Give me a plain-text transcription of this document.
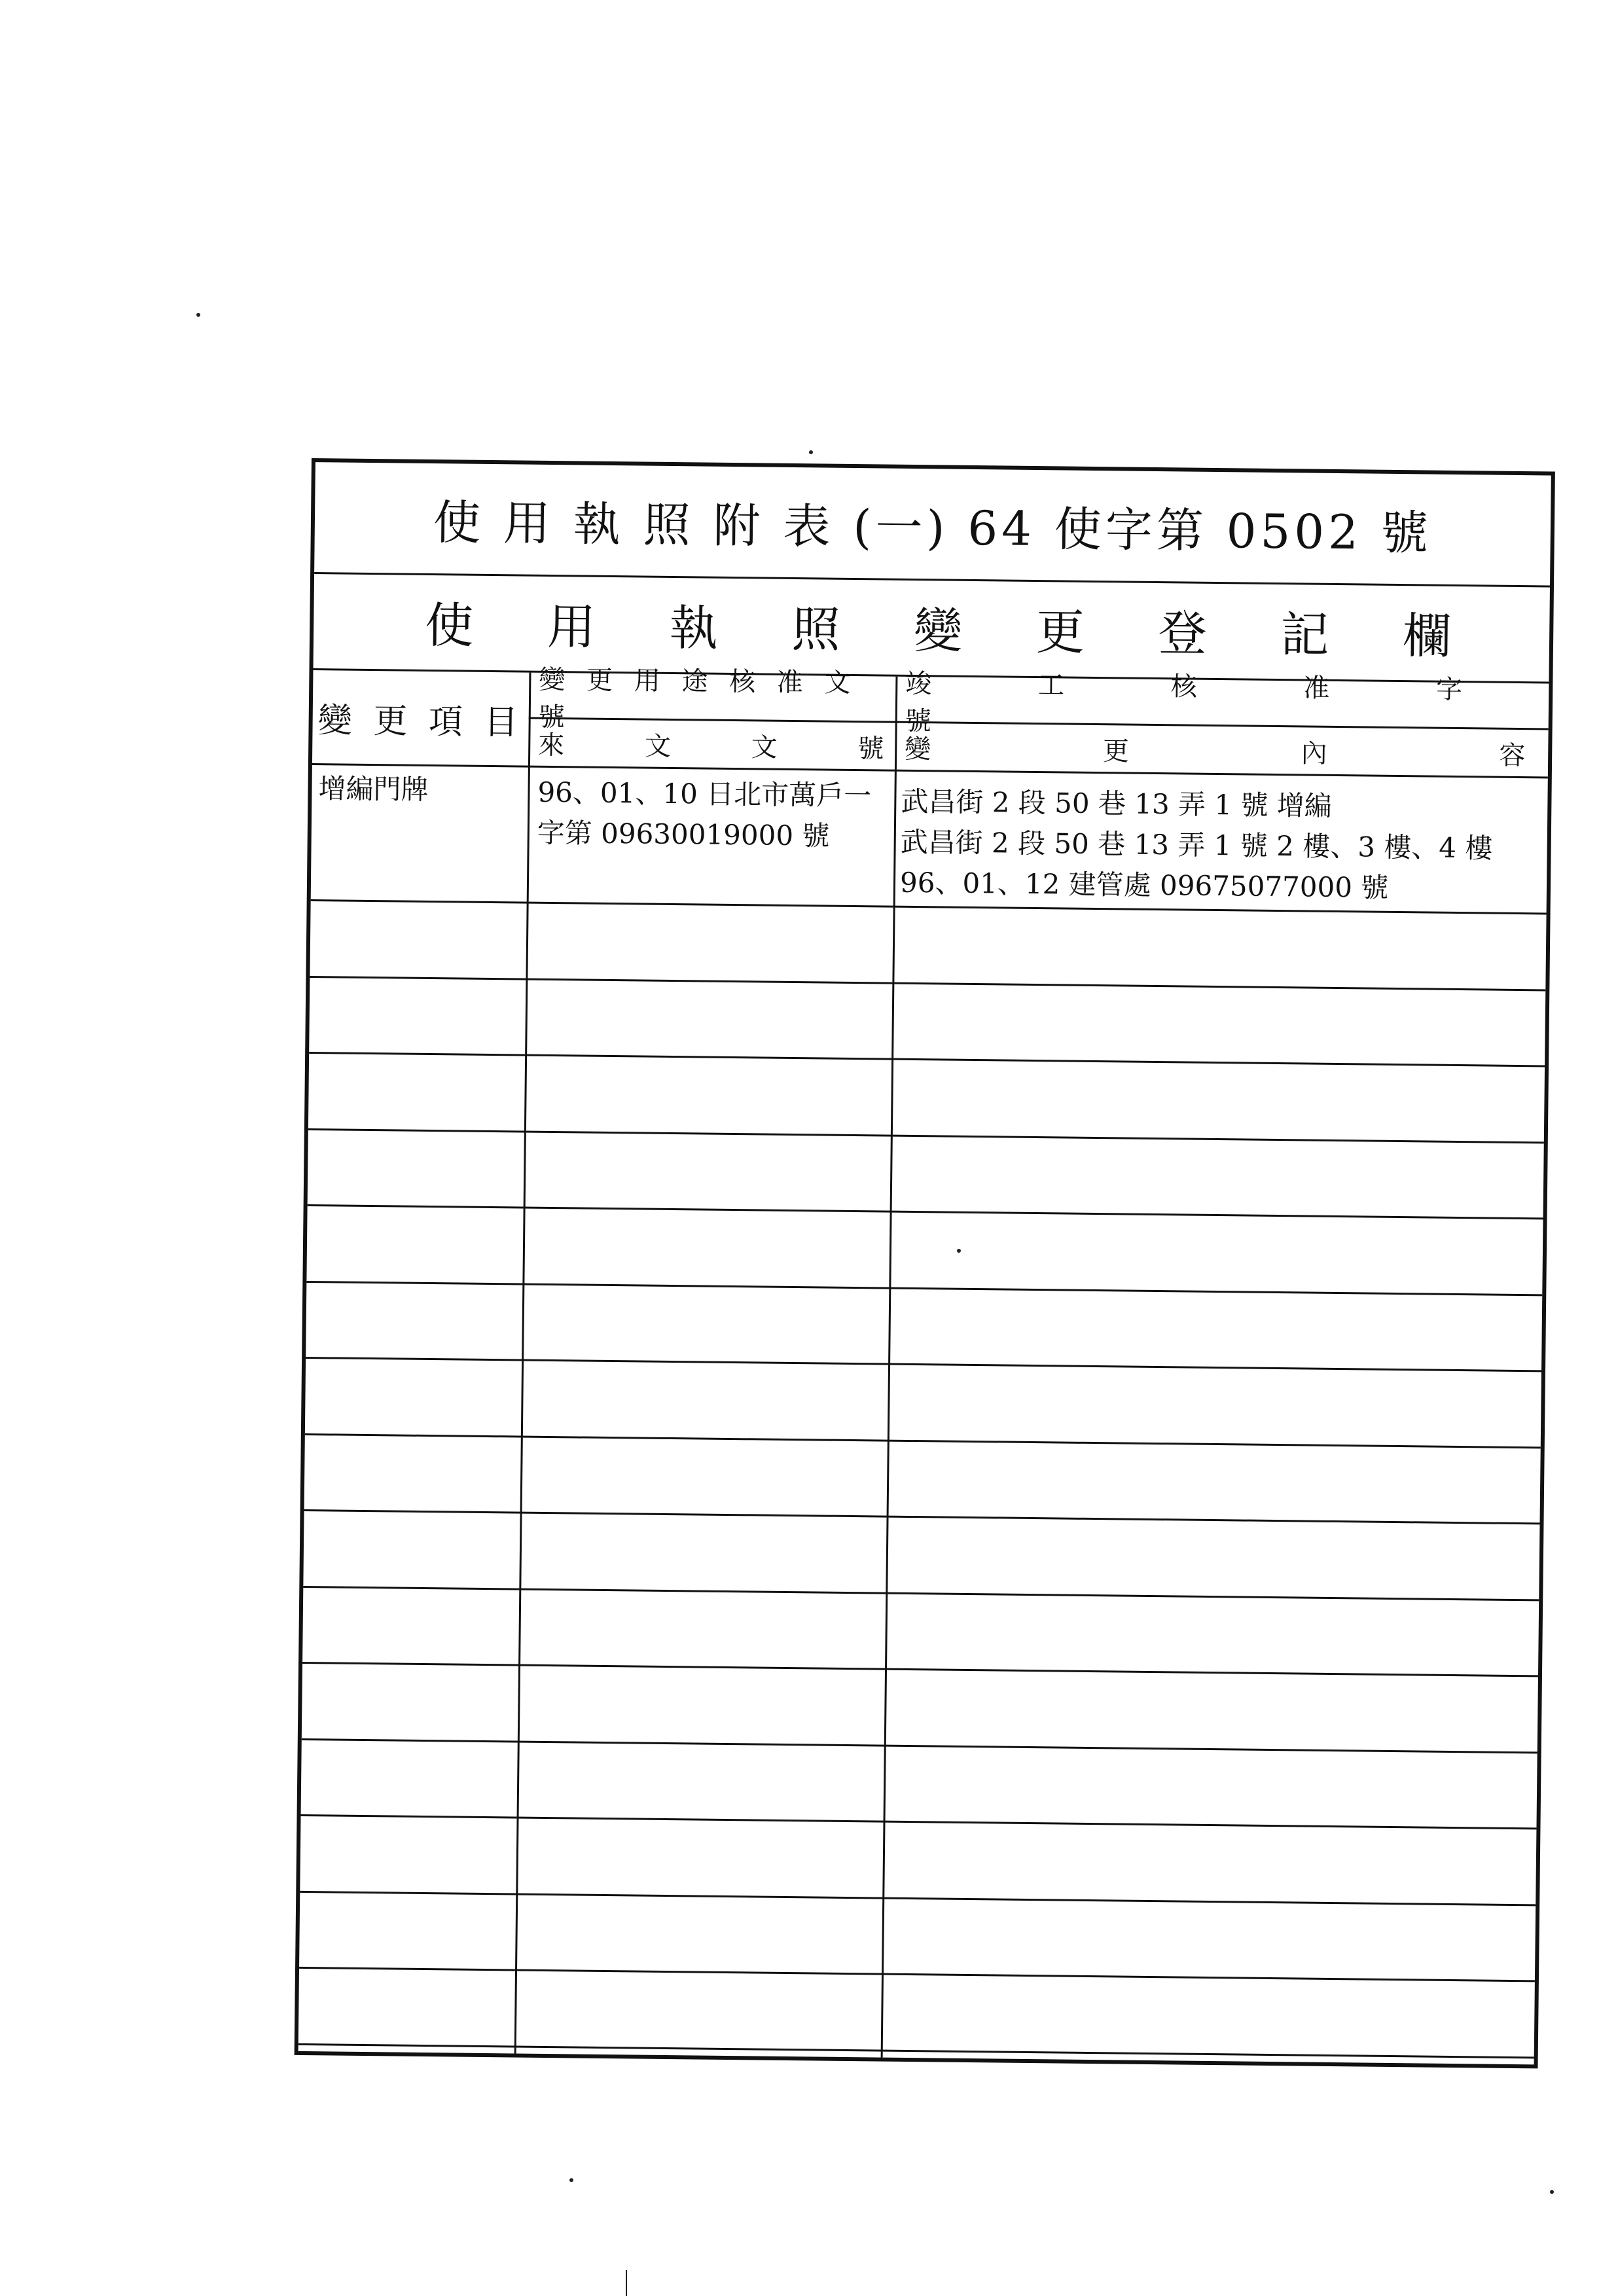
使 用 執 照 附 表 (一) 64 使字第 0502 號
使 用 執 照 變 更 登 記 欄
變 更 項 目
變 更 用 途 核 准 文 號
來 文 文 號
竣 工 核 准 字
變 更 內 容
增編門牌	96、01、10 日北市萬戶一
字第 09630019000 號
武昌街 2 段 50 巷 13 弄 1 號 增編
武昌街 2 段 50 巷 13 弄 1 號 2 樓、3 樓、4 樓
96、01、12 建管處 09675077000 號
